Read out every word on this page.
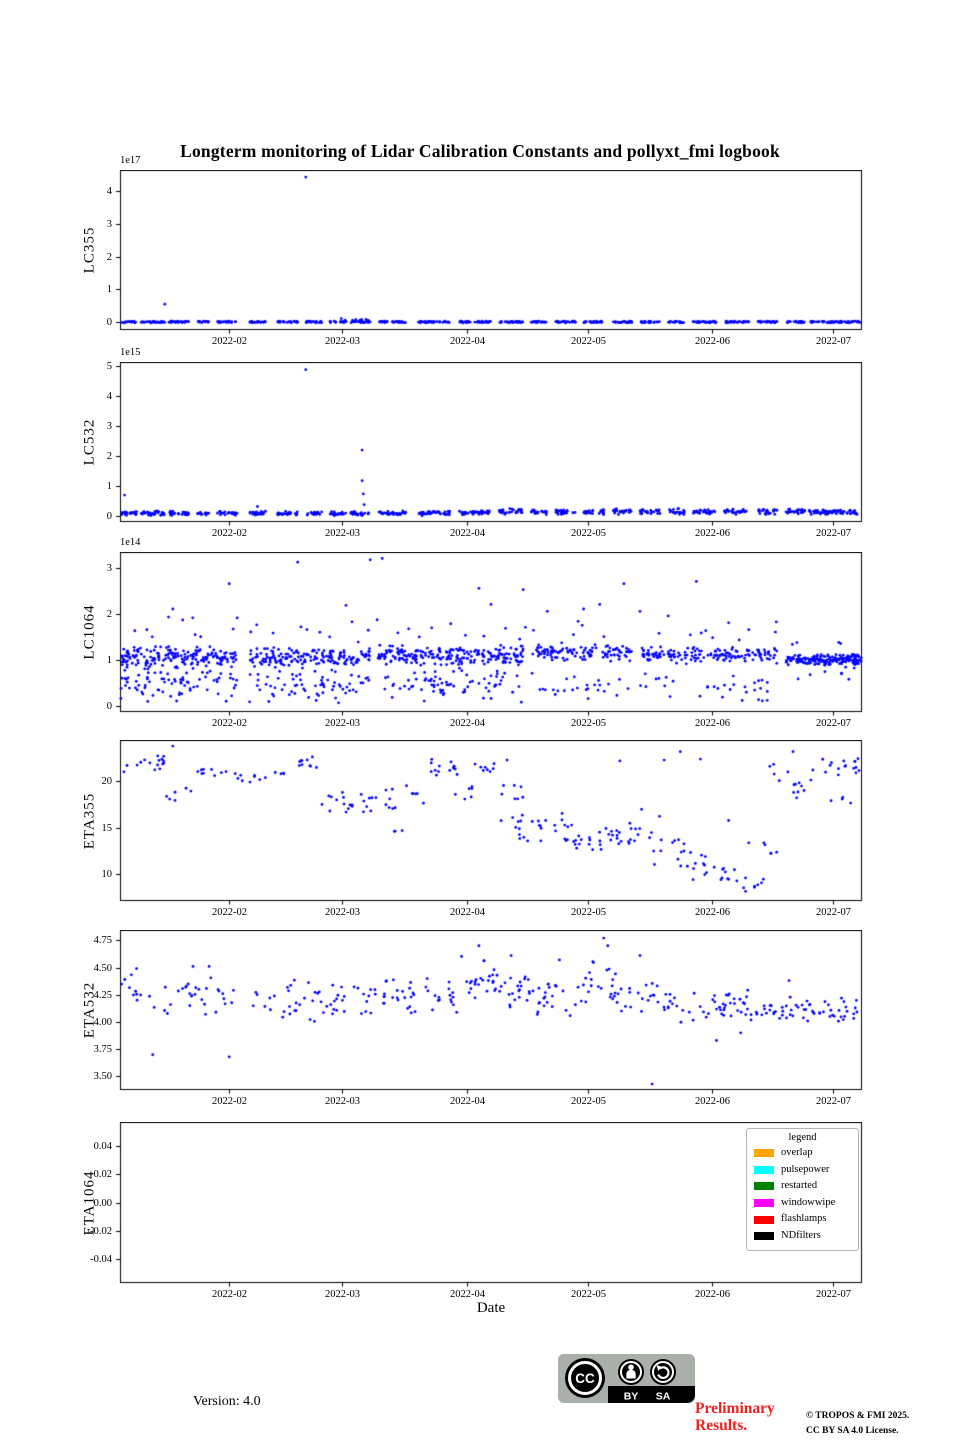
Longterm monitoring of Lidar Calibration Constants and pollyxt_fmi logbook
1e17
LC355
0
1
2
3
4
2022-02	2022-03	2022-04	2022-05	2022-06	2022-07
1e15
LC532
0
1
2
3
4
5
2022-02	2022-03	2022-04	2022-05	2022-06	2022-07
1e14
LC1064
0
1
2
3
2022-02	2022-03	2022-04	2022-05	2022-06	2022-07
ETA355
10
15
20
2022-02	2022-03	2022-04	2022-05	2022-06	2022-07
ETA532
3.50
3.75
4.00
4.25
4.50
4.75
2022-02	2022-03	2022-04	2022-05	2022-06	2022-07
ETA1064
legend
overlap
pulsepower
restarted
windowwipe
flashlamps
NDfilters
-0.04
-0.02
0.00
0.02
0.04
2022-02	2022-03	2022-04	2022-05	2022-06	2022-07
Date
Version: 4.0
CC
BY SA
Preliminary
Results.
© TROPOS & FMI 2025.
CC BY SA 4.0 License.
